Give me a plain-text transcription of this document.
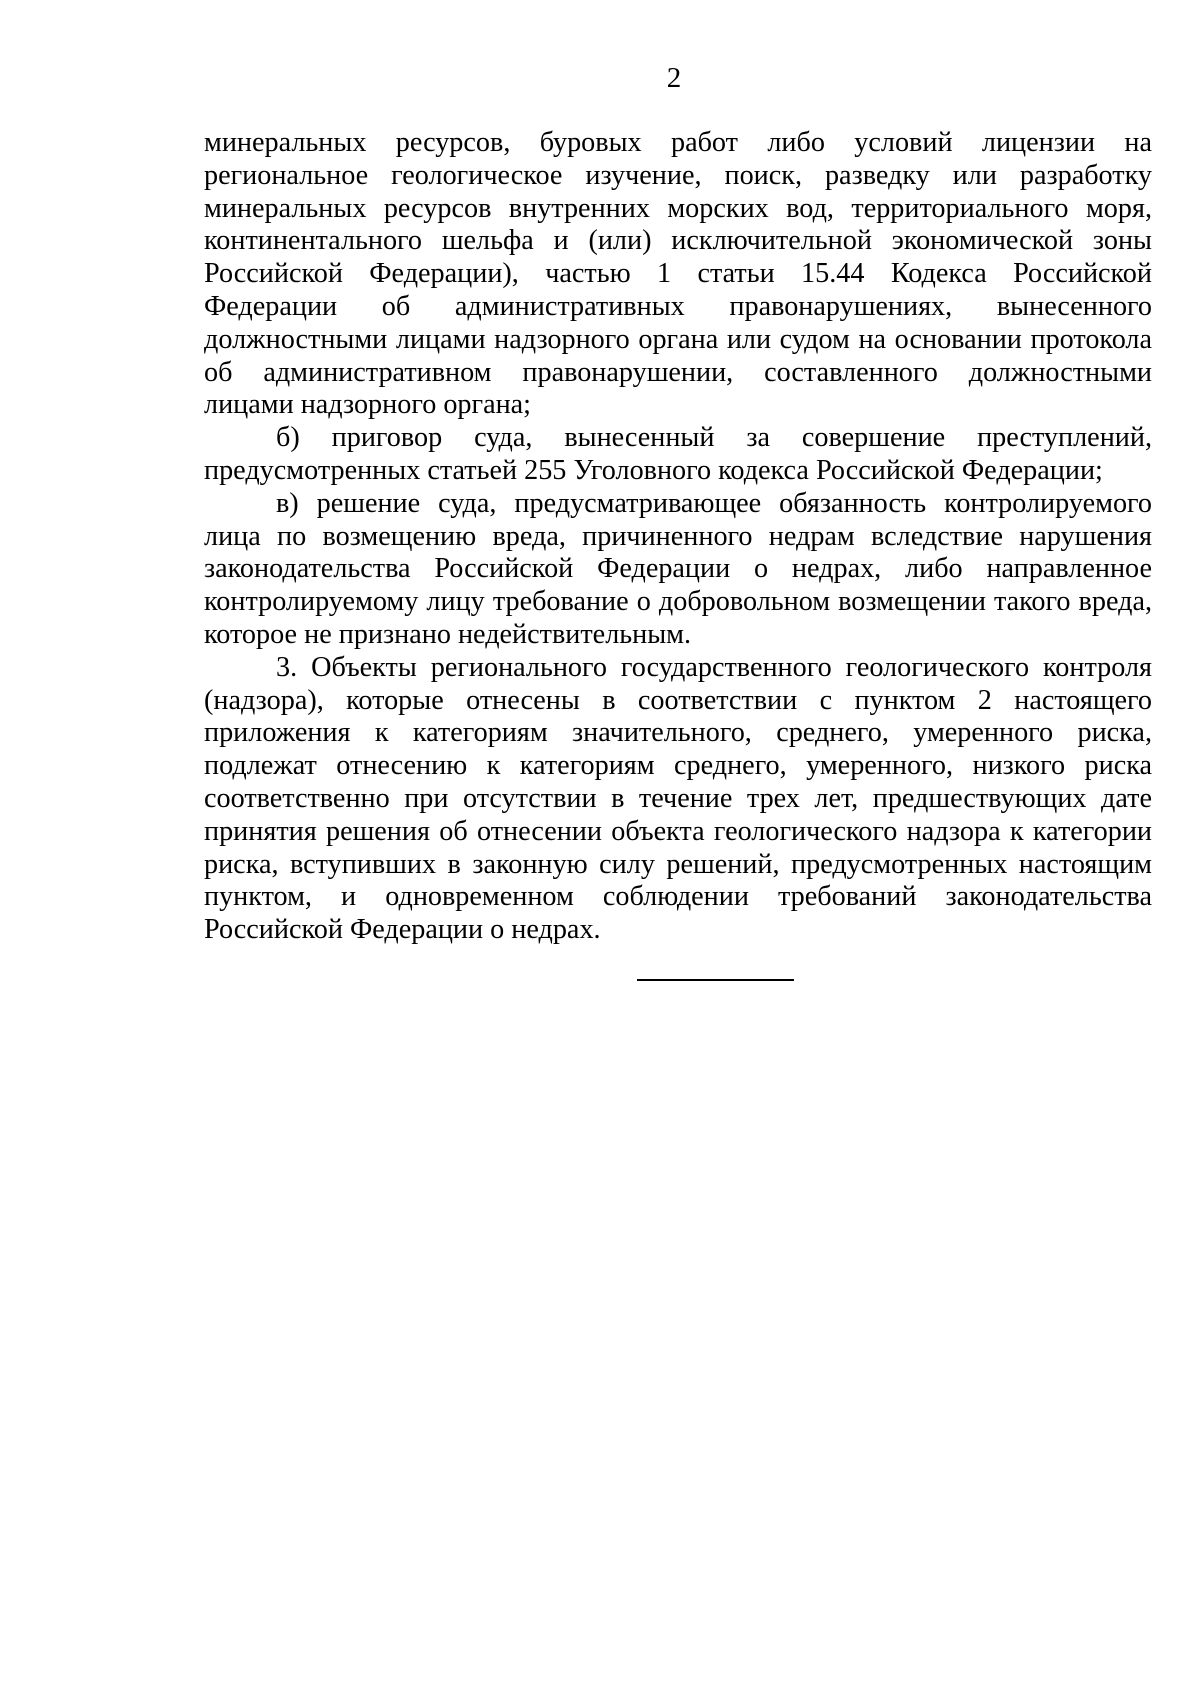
2

минеральных ресурсов, буровых работ либо условий лицензии на региональное геологическое изучение, поиск, разведку или разработку минеральных ресурсов внутренних морских вод, территориального моря, континентального шельфа и (или) исключительной экономической зоны Российской Федерации), частью 1 статьи 15.44 Кодекса Российской Федерации об административных правонарушениях, вынесенного должностными лицами надзорного органа или судом на основании протокола об административном правонарушении, составленного должностными лицами надзорного органа;

б) приговор суда, вынесенный за совершение преступлений, предусмотренных статьей 255 Уголовного кодекса Российской Федерации;

в) решение суда, предусматривающее обязанность контролируемого лица по возмещению вреда, причиненного недрам вследствие нарушения законодательства Российской Федерации о недрах, либо направленное контролируемому лицу требование о добровольном возмещении такого вреда, которое не признано недействительным.

3. Объекты регионального государственного геологического контроля (надзора), которые отнесены в соответствии с пунктом 2 настоящего приложения к категориям значительного, среднего, умеренного риска, подлежат отнесению к категориям среднего, умеренного, низкого риска соответственно при отсутствии в течение трех лет, предшествующих дате принятия решения об отнесении объекта геологического надзора к категории риска, вступивших в законную силу решений, предусмотренных настоящим пунктом, и одновременном соблюдении требований законодательства Российской Федерации о недрах.
